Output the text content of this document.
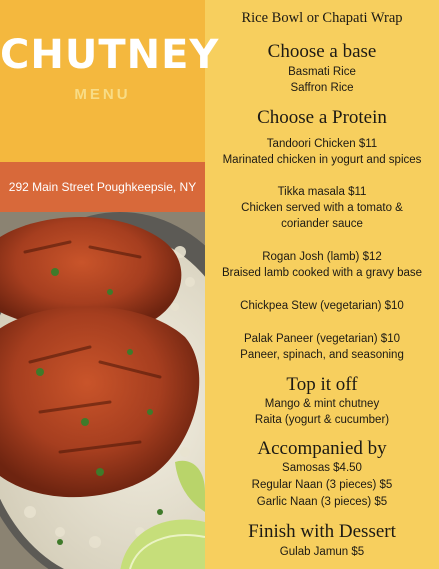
CHUTNEY
MENU
292 Main Street Poughkeepsie, NY
Rice Bowl or Chapati Wrap
Choose a base
Basmati Rice
Saffron Rice
Choose a Protein
Tandoori Chicken $11
Marinated chicken in yogurt and spices
Tikka masala $11
Chicken served with a tomato &
coriander sauce
Rogan Josh (lamb) $12
Braised lamb cooked with a gravy base
Chickpea Stew (vegetarian) $10
Palak Paneer (vegetarian) $10
Paneer, spinach, and seasoning
Top it off
Mango & mint chutney
Raita (yogurt & cucumber)
Accompanied by
Samosas $4.50
Regular Naan (3 pieces) $5
Garlic Naan (3 pieces) $5
Finish with Dessert
Gulab Jamun $5
